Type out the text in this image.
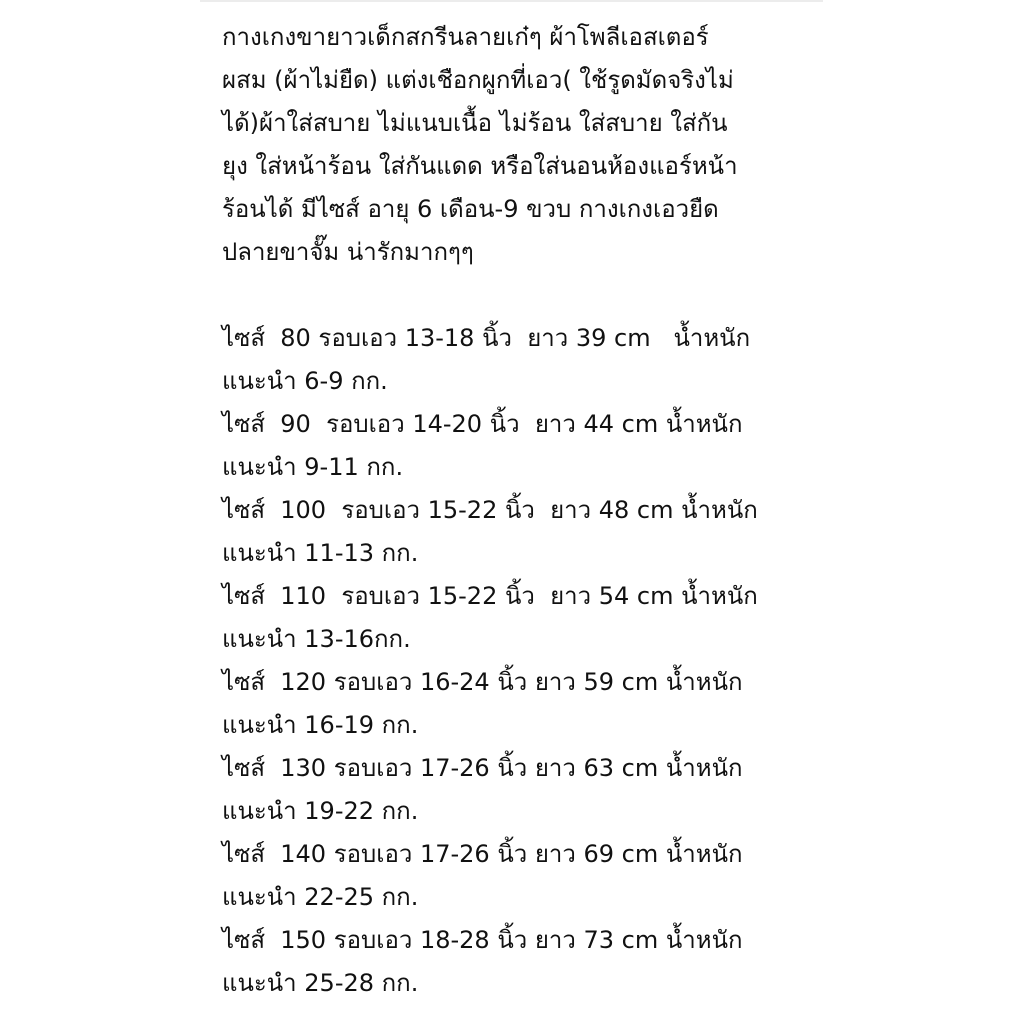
กางเกงขายาวเด็กสกรีนลายเก๋ๆ ผ้าโพลีเอสเตอร์
ผสม (ผ้าไม่ยืด) แต่งเชือกผูกที่เอว( ใช้รูดมัดจริงไม่
ได้)ผ้าใส่สบาย ไม่แนบเนื้อ ไม่ร้อน ใส่สบาย ใส่กัน
ยุง ใส่หน้าร้อน ใส่กันแดด หรือใส่นอนห้องแอร์หน้า
ร้อนได้ มีไซส์ อายุ 6 เดือน-9 ขวบ กางเกงเอวยืด
ปลายขาจั๊ม น่ารักมากๆๆ
ไซส์  80 รอบเอว 13-18 นิ้ว  ยาว 39 cm   น้ำหนัก
แนะนำ 6-9 กก.
ไซส์  90  รอบเอว 14-20 นิ้ว  ยาว 44 cm น้ำหนัก
แนะนำ 9-11 กก.
ไซส์  100  รอบเอว 15-22 นิ้ว  ยาว 48 cm น้ำหนัก
แนะนำ 11-13 กก.
ไซส์  110  รอบเอว 15-22 นิ้ว  ยาว 54 cm น้ำหนัก
แนะนำ 13-16กก.
ไซส์  120 รอบเอว 16-24 นิ้ว ยาว 59 cm น้ำหนัก
แนะนำ 16-19 กก.
ไซส์  130 รอบเอว 17-26 นิ้ว ยาว 63 cm น้ำหนัก
แนะนำ 19-22 กก.
ไซส์  140 รอบเอว 17-26 นิ้ว ยาว 69 cm น้ำหนัก
แนะนำ 22-25 กก.
ไซส์  150 รอบเอว 18-28 นิ้ว ยาว 73 cm น้ำหนัก
แนะนำ 25-28 กก.
